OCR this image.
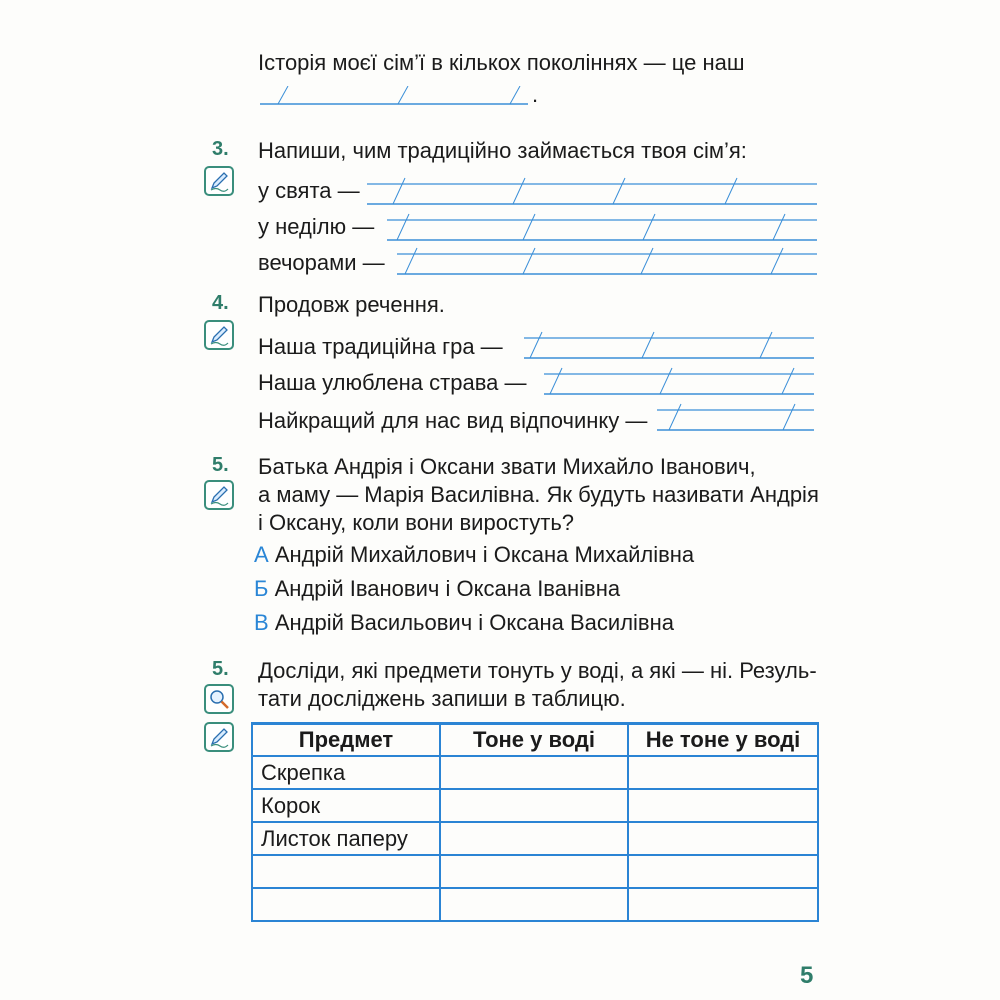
Історія моєї сім’ї в кількох поколіннях — це наш
.
3. Напиши, чим традиційно займається твоя сім’я:
у свята —
у неділю —
вечорами —
4. Продовж речення.
Наша традиційна гра —
Наша улюблена страва —
Найкращий для нас вид відпочинку —
5. Батька Андрія і Оксани звати Михайло Іванович,
а маму — Марія Василівна. Як будуть називати Андрія
і Оксану, коли вони виростуть?
А Андрій Михайлович і Оксана Михайлівна
Б Андрій Іванович і Оксана Іванівна
В Андрій Васильович і Оксана Василівна
5. Досліди, які предмети тонуть у воді, а які — ні. Резуль-
тати досліджень запиши в таблицю.
Предмет	Тоне у воді	Не тоне у воді
Скрепка		
Корок		
Листок паперу		

5
